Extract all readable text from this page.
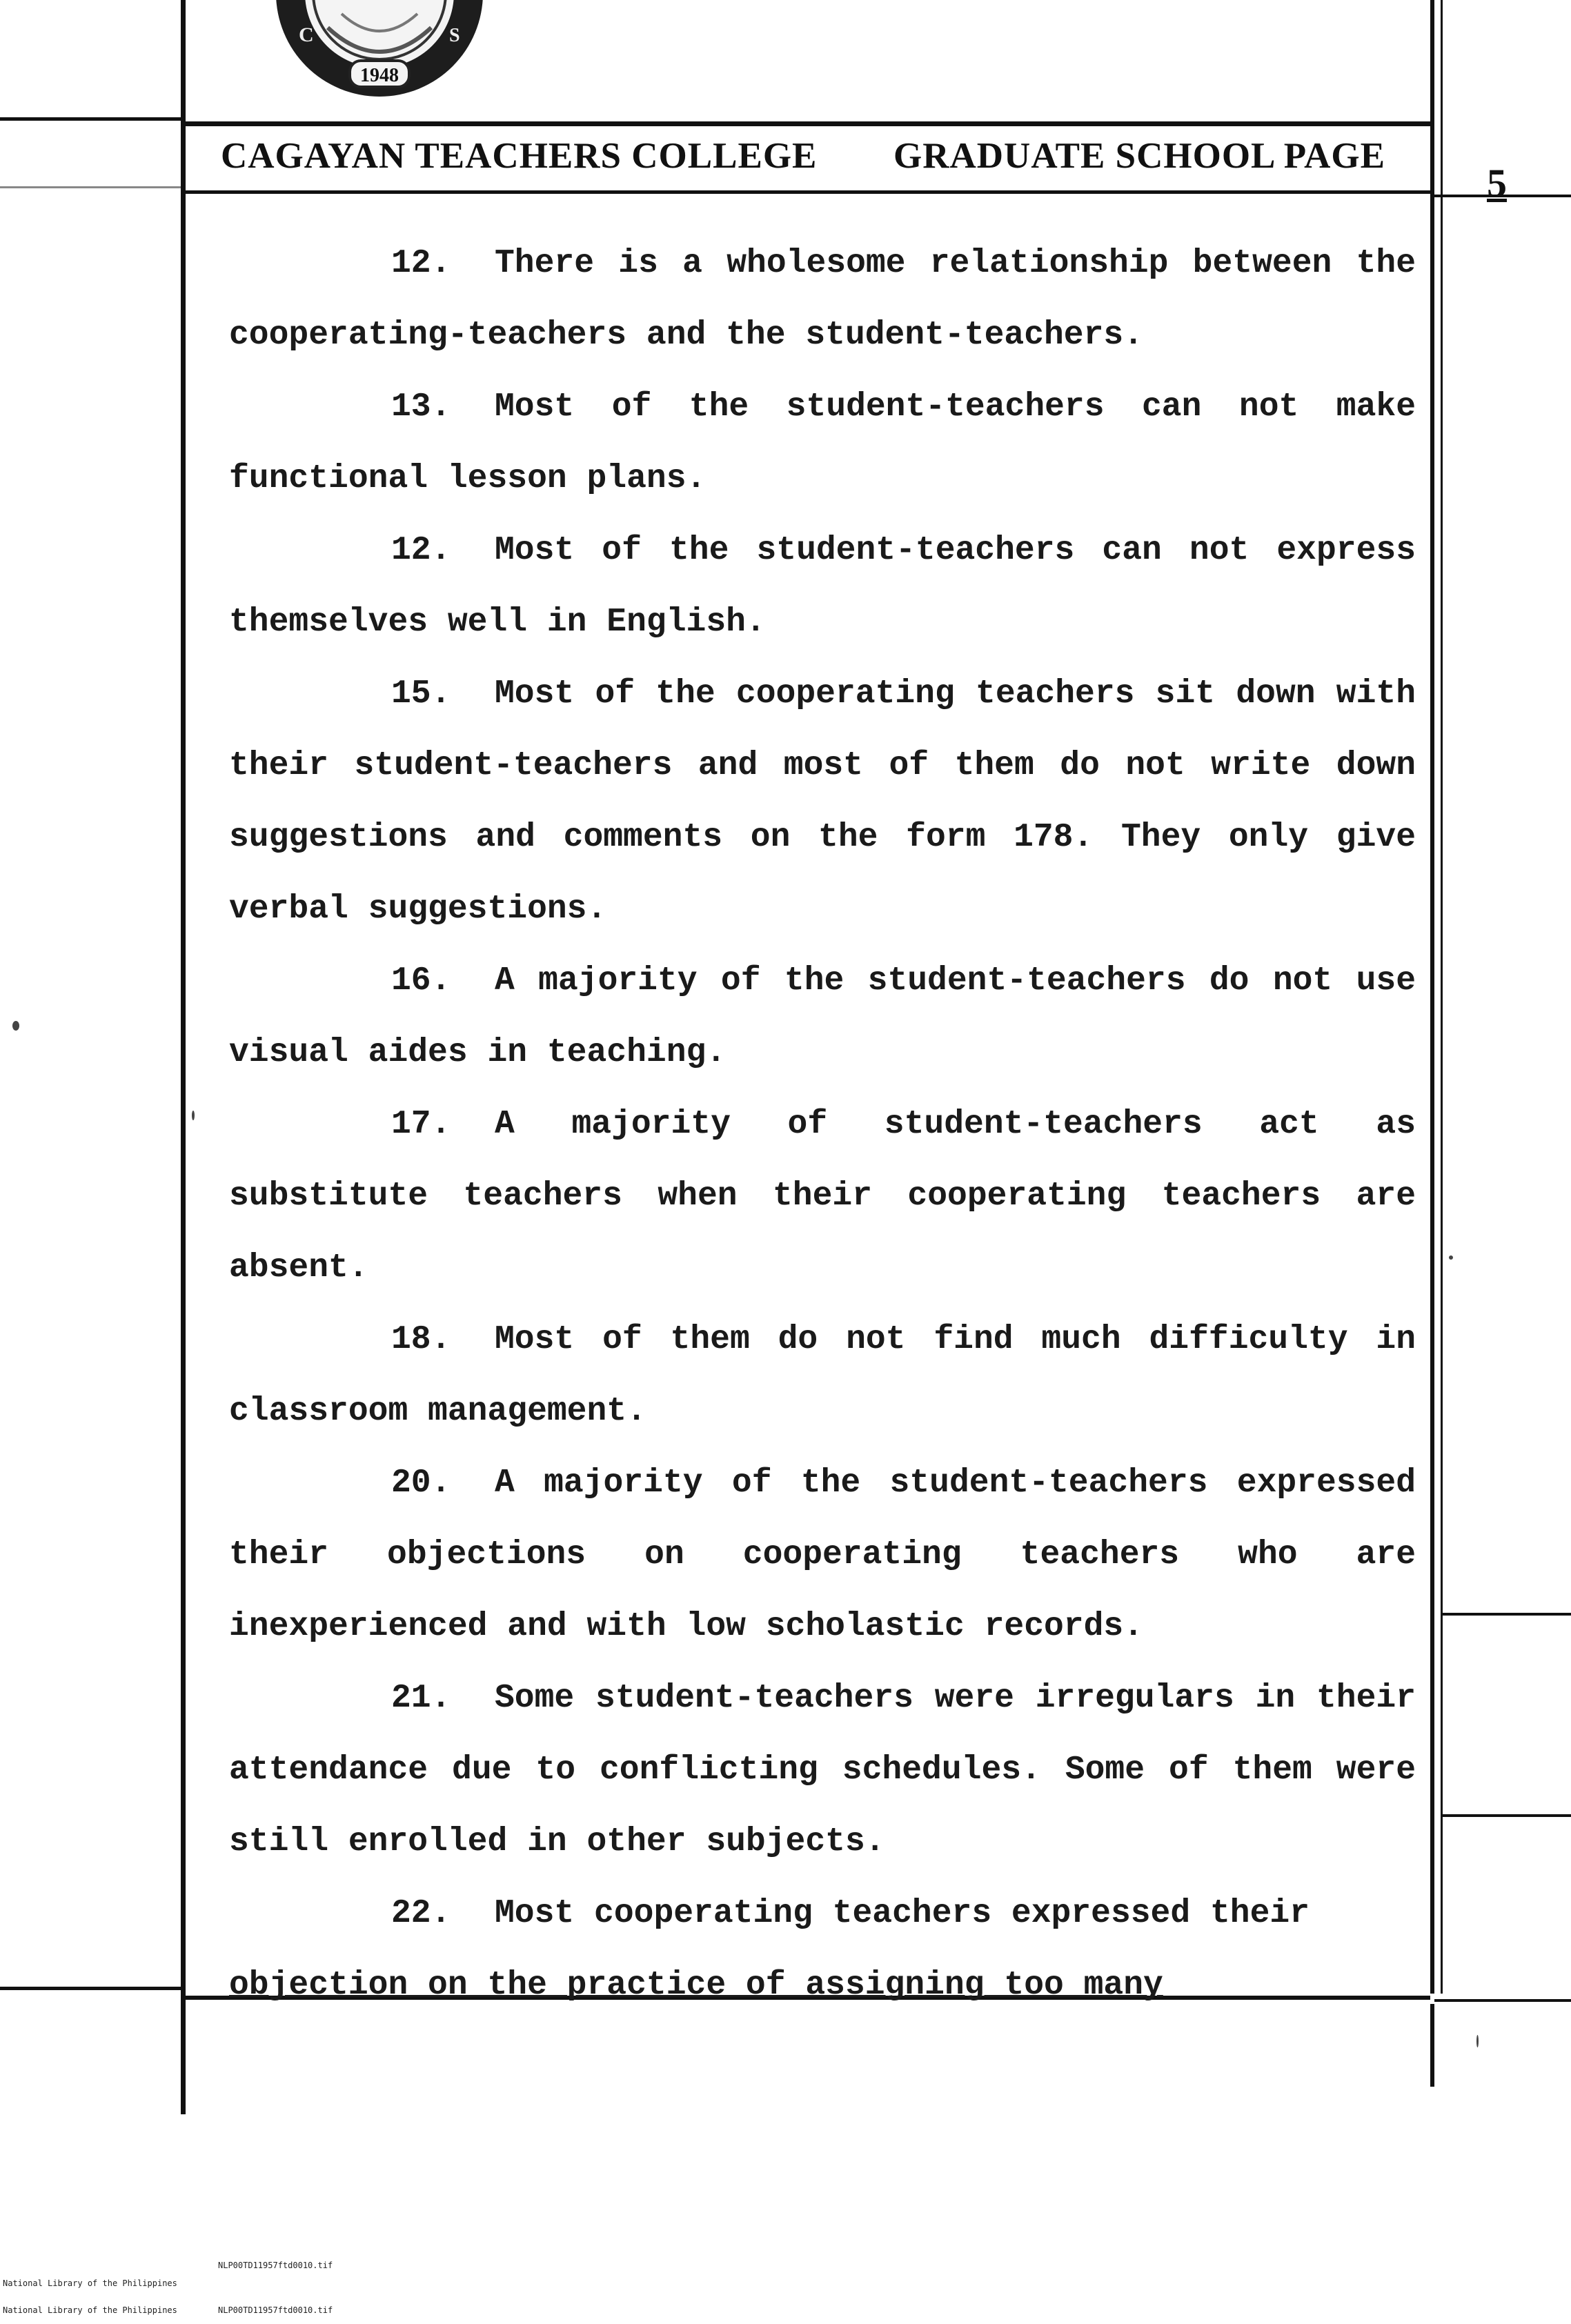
C	S
1948
CAGAYAN TEACHERS COLLEGE GRADUATE SCHOOL PAGE
5

12. There is a wholesome relationship between the cooperating-teachers and the student-teachers.

13. Most of the student-teachers can not make functional lesson plans.

12. Most of the student-teachers can not express themselves well in English.

15. Most of the cooperating teachers sit down with their student-teachers and most of them do not write down suggestions and comments on the form 178. They only give verbal suggestions.

16. A majority of the student-teachers do not use visual aides in teaching.

17. A majority of student-teachers act as substitute teachers when their cooperating teachers are absent.

18. Most of them do not find much difficulty in classroom management.

20. A majority of the student-teachers expressed their objections on cooperating teachers who are inexperienced and with low scholastic records.

21. Some student-teachers were irregulars in their attendance due to conflicting schedules. Some of them were still enrolled in other subjects.

22. Most cooperating teachers expressed their

objection on the practice of assigning too many

National Library of the Philippines
NLP00TD11957ftd0010.tif

National Library of the Philippines	NLP00TD11957ftd0010.tif
